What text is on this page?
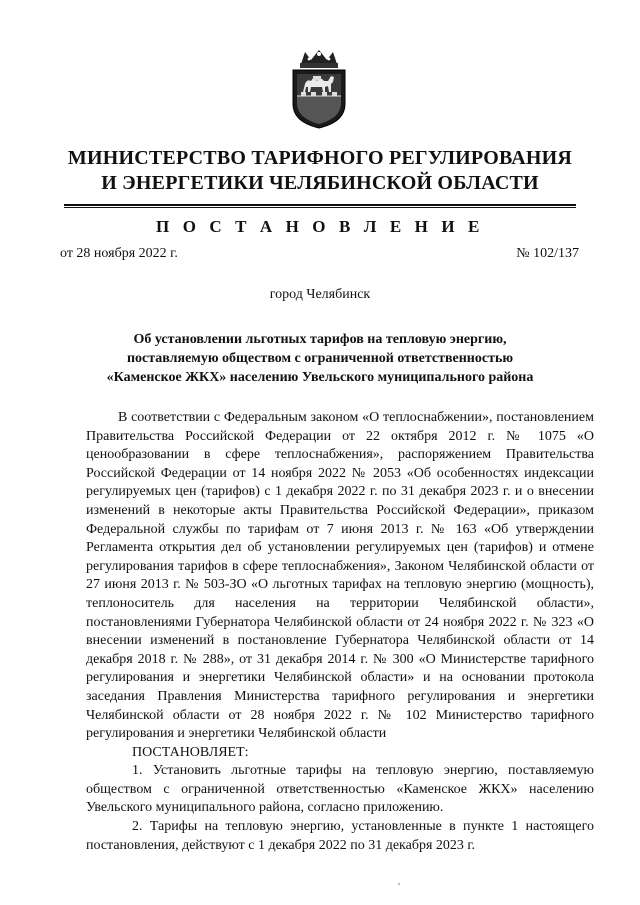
МИНИСТЕРСТВО ТАРИФНОГО РЕГУЛИРОВАНИЯ
И ЭНЕРГЕТИКИ ЧЕЛЯБИНСКОЙ ОБЛАСТИ
П О С Т А Н О В Л Е Н И Е
от 28 ноября 2022 г.	№ 102/137
город Челябинск
Об установлении льготных тарифов на тепловую энергию,
поставляемую обществом с ограниченной ответственностью
«Каменское ЖКХ» населению Увельского муниципального района

В соответствии с Федеральным законом «О теплоснабжении», постановлением Правительства Российской Федерации от 22 октября 2012 г. № 1075 «О ценообразовании в сфере теплоснабжения», распоряжением Правительства Российской Федерации от 14 ноября 2022 № 2053 «Об особенностях индексации регулируемых цен (тарифов) с 1 декабря 2022 г. по 31 декабря 2023 г. и о внесении изменений в некоторые акты Правительства Российской Федерации», приказом Федеральной службы по тарифам от 7 июня 2013 г. № 163 «Об утверждении Регламента открытия дел об установлении регулируемых цен (тарифов) и отмене регулирования тарифов в сфере теплоснабжения», Законом Челябинской области от 27 июня 2013 г. № 503-ЗО «О льготных тарифах на тепловую энергию (мощность), теплоноситель для населения на территории Челябинской области», постановлениями Губернатора Челябинской области от 24 ноября 2022 г. № 323 «О внесении изменений в постановление Губернатора Челябинской области от 14 декабря 2018 г. № 288», от 31 декабря 2014 г. № 300 «О Министерстве тарифного регулирования и энергетики Челябинской области» и на основании протокола заседания Правления Министерства тарифного регулирования и энергетики Челябинской области от 28 ноября 2022 г. № 102 Министерство тарифного регулирования и энергетики Челябинской области

ПОСТАНОВЛЯЕТ:

1. Установить льготные тарифы на тепловую энергию, поставляемую обществом с ограниченной ответственностью «Каменское ЖКХ» населению Увельского муниципального района, согласно приложению.

2. Тарифы на тепловую энергию, установленные в пункте 1 настоящего постановления, действуют с 1 декабря 2022 по 31 декабря 2023 г.
